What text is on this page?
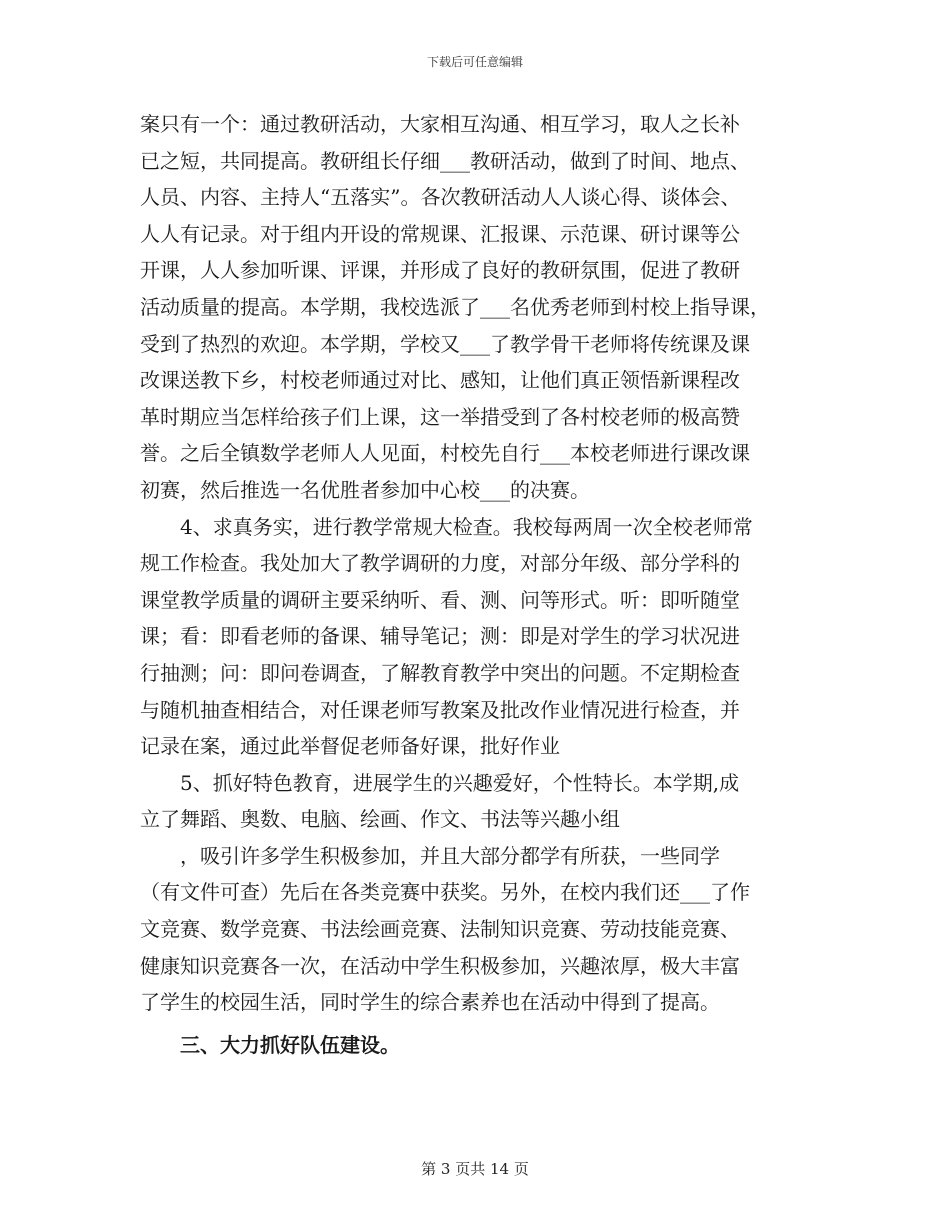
下载后可任意编辑
案只有一个：通过教研活动，大家相互沟通、相互学习，取人之长补
已之短，共同提高。教研组长仔细___教研活动，做到了时间、地点、
人员、内容、主持人“五落实”。各次教研活动人人谈心得、谈体会、
人人有记录。对于组内开设的常规课、汇报课、示范课、研讨课等公
开课，人人参加听课、评课，并形成了良好的教研氛围，促进了教研
活动质量的提高。本学期，我校选派了___名优秀老师到村校上指导课，
受到了热烈的欢迎。本学期，学校又___了教学骨干老师将传统课及课
改课送教下乡，村校老师通过对比、感知，让他们真正领悟新课程改
革时期应当怎样给孩子们上课，这一举措受到了各村校老师的极高赞
誉。之后全镇数学老师人人见面，村校先自行___本校老师进行课改课
初赛，然后推选一名优胜者参加中心校___的决赛。
4、求真务实，进行教学常规大检查。我校每两周一次全校老师常
规工作检查。我处加大了教学调研的力度，对部分年级、部分学科的
课堂教学质量的调研主要采纳听、看、测、问等形式。听：即听随堂
课；看：即看老师的备课、辅导笔记；测：即是对学生的学习状况进
行抽测；问：即问卷调查，了解教育教学中突出的问题。不定期检查
与随机抽查相结合，对任课老师写教案及批改作业情况进行检查，并
记录在案，通过此举督促老师备好课，批好作业
5、抓好特色教育，进展学生的兴趣爱好，个性特长。本学期,成
立了舞蹈、奥数、电脑、绘画、作文、书法等兴趣小组
，吸引许多学生积极参加，并且大部分都学有所获，一些同学
（有文件可查）先后在各类竞赛中获奖。另外，在校内我们还___了作
文竞赛、数学竞赛、书法绘画竞赛、法制知识竞赛、劳动技能竞赛、
健康知识竞赛各一次，在活动中学生积极参加，兴趣浓厚，极大丰富
了学生的校园生活，同时学生的综合素养也在活动中得到了提高。
三、大力抓好队伍建设。
第 3 页共 14 页
